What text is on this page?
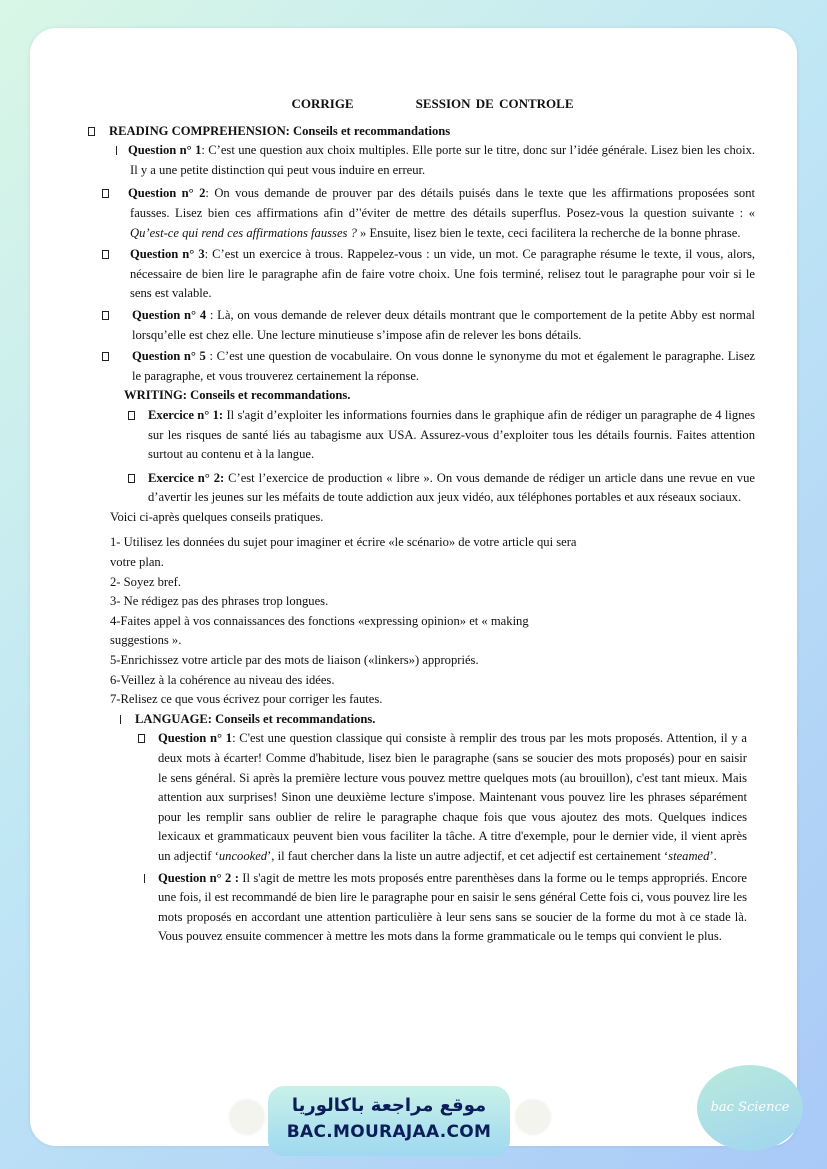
CORRIGE	SESSION DE CONTROLE
READING COMPREHENSION: Conseils et recommandations

Question n° 1: C’est une question aux choix multiples. Elle porte sur le titre, donc sur l’idée générale. Lisez bien les choix. Il y a une petite distinction qui peut vous induire en erreur.

Question n° 2: On vous demande de prouver par des détails puisés dans le texte que les affirmations proposées sont fausses. Lisez bien ces affirmations afin d’'éviter de mettre des détails superflus. Posez-vous la question suivante : « Qu’est-ce qui rend ces affirmations fausses ? » Ensuite, lisez bien le texte, ceci facilitera la recherche de la bonne phrase.

Question n° 3: C’est un exercice à trous. Rappelez-vous : un vide, un mot. Ce paragraphe résume le texte, il vous, alors, nécessaire de bien lire le paragraphe afin de faire votre choix. Une fois terminé, relisez tout le paragraphe pour voir si le sens est valable.

Question n° 4 : Là, on vous demande de relever deux détails montrant que le comportement de la petite Abby est normal lorsqu’elle est chez elle. Une lecture minutieuse s’impose afin de relever les bons détails.

Question n° 5 : C’est une question de vocabulaire. On vous donne le synonyme du mot et également le paragraphe. Lisez le paragraphe, et vous trouverez certainement la réponse.

WRITING: Conseils et recommandations.

Exercice n° 1: Il s'agit d’exploiter les informations fournies dans le graphique afin de rédiger un paragraphe de 4 lignes sur les risques de santé liés au tabagisme aux USA. Assurez-vous d’exploiter tous les détails fournis. Faites attention surtout au contenu et à la langue.

Exercice n° 2: C’est l’exercice de production « libre ». On vous demande de rédiger un article dans une revue en vue d’avertir les jeunes sur les méfaits de toute addiction aux jeux vidéo, aux téléphones portables et aux réseaux sociaux.

Voici ci-après quelques conseils pratiques.

1- Utilisez les données du sujet pour imaginer et écrire «le scénario» de votre article qui sera

votre plan.

2- Soyez bref.

3- Ne rédigez pas des phrases trop longues.

4-Faites appel à vos connaissances des fonctions «expressing opinion» et « making

suggestions ».

5-Enrichissez votre article par des mots de liaison («linkers») appropriés.

6-Veillez à la cohérence au niveau des idées.

7-Relisez ce que vous écrivez pour corriger les fautes.

LANGUAGE: Conseils et recommandations.

Question n° 1: C'est une question classique qui consiste à remplir des trous par les mots proposés. Attention, il y a deux mots à écarter! Comme d'habitude, lisez bien le paragraphe (sans se soucier des mots proposés) pour en saisir le sens général. Si après la première lecture vous pouvez mettre quelques mots (au brouillon), c'est tant mieux. Mais attention aux surprises! Sinon une deuxième lecture s'impose. Maintenant vous pouvez lire les phrases séparément pour les remplir sans oublier de relire le paragraphe chaque fois que vous ajoutez des mots. Quelques indices lexicaux et grammaticaux peuvent bien vous faciliter la tâche. A titre d'exemple, pour le dernier vide, il vient après un adjectif ‘uncooked’, il faut chercher dans la liste un autre adjectif, et cet adjectif est certainement ‘steamed’.

Question n° 2 : Il s'agit de mettre les mots proposés entre parenthèses dans la forme ou le temps appropriés. Encore une fois, il est recommandé de bien lire le paragraphe pour en saisir le sens général Cette fois ci, vous pouvez lire les mots proposés en accordant une attention particulière à leur sens sans se soucier de la forme du mot à ce stade là. Vous pouvez ensuite commencer à mettre les mots dans la forme grammaticale ou le temps qui convient le plus.

موقع مراجعة باكالوريا
BAC.MOURAJAA.COM
bac Science
